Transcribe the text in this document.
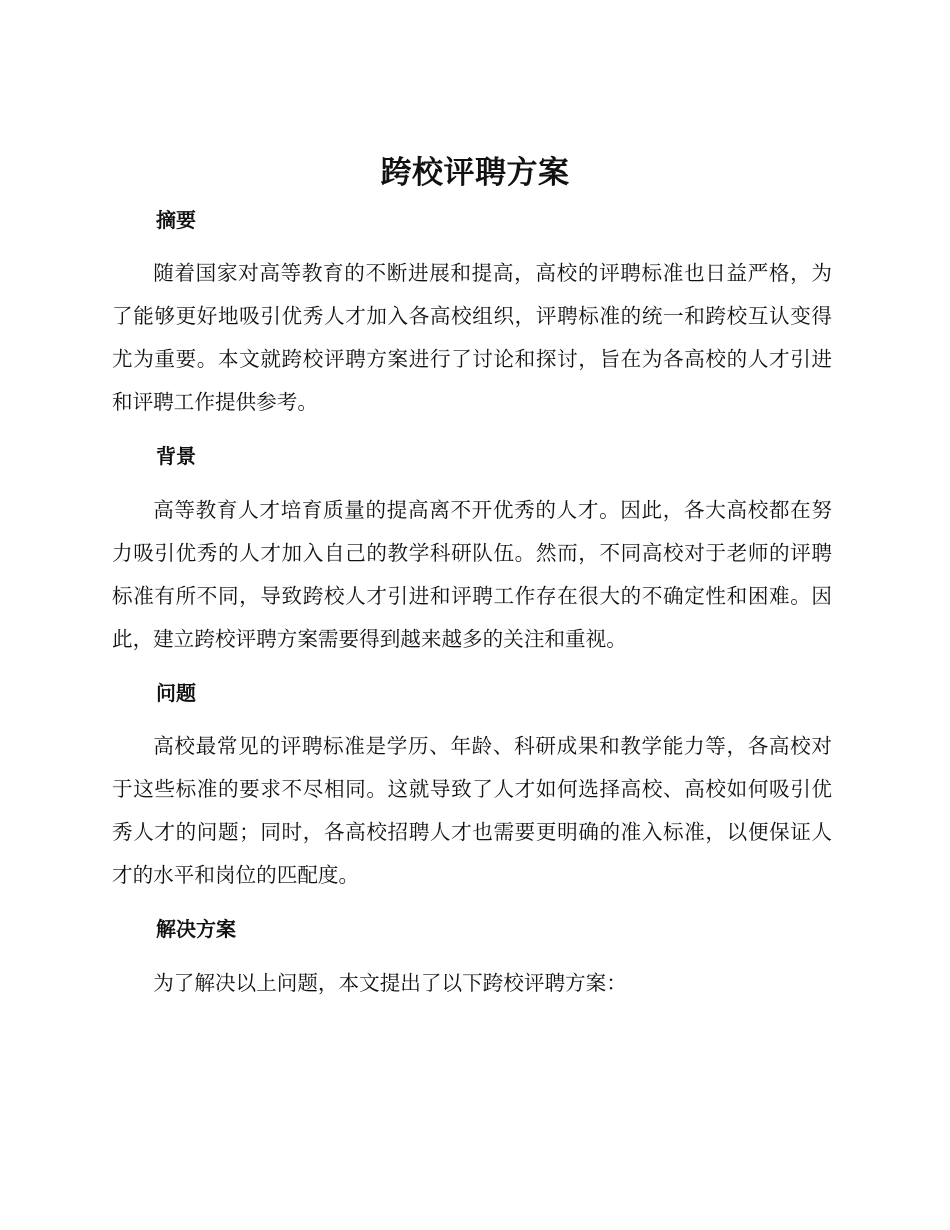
跨校评聘方案
摘要

随着国家对高等教育的不断进展和提高，高校的评聘标准也日益严格，为了能够更好地吸引优秀人才加入各高校组织，评聘标准的统一和跨校互认变得尤为重要。本文就跨校评聘方案进行了讨论和探讨，旨在为各高校的人才引进和评聘工作提供参考。

背景

高等教育人才培育质量的提高离不开优秀的人才。因此，各大高校都在努力吸引优秀的人才加入自己的教学科研队伍。然而，不同高校对于老师的评聘标准有所不同，导致跨校人才引进和评聘工作存在很大的不确定性和困难。因此，建立跨校评聘方案需要得到越来越多的关注和重视。

问题

高校最常见的评聘标准是学历、年龄、科研成果和教学能力等，各高校对于这些标准的要求不尽相同。这就导致了人才如何选择高校、高校如何吸引优秀人才的问题；同时，各高校招聘人才也需要更明确的准入标准，以便保证人才的水平和岗位的匹配度。

解决方案

为了解决以上问题，本文提出了以下跨校评聘方案：
